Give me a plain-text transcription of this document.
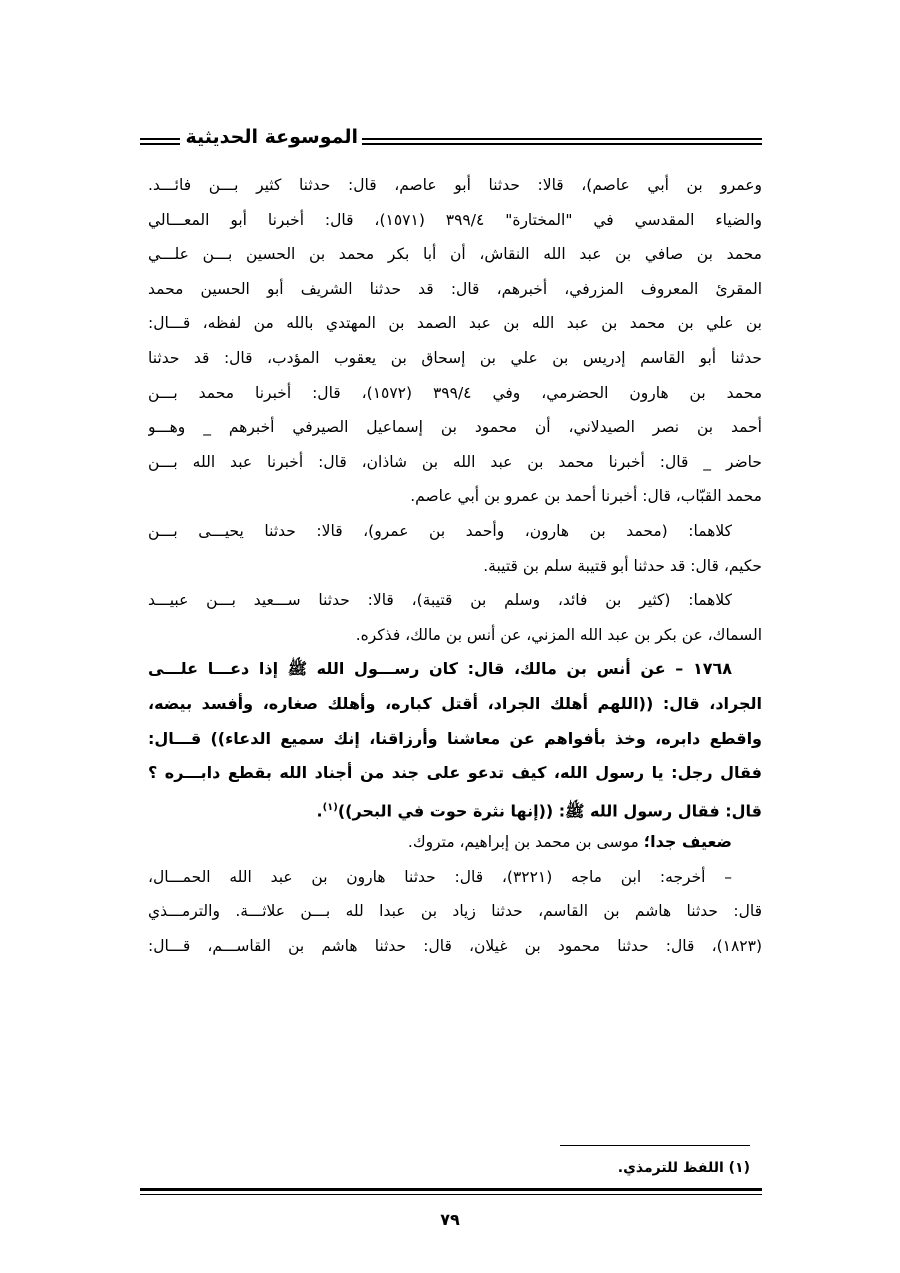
الموسوعة الحديثية
وعمرو بن أبي عاصم)، قالا: حدثنا أبو عاصم، قال: حدثنا كثير بـــن فائـــد.
والضياء المقدسي في "المختارة" ٣٩٩/٤ (١٥٧١)، قال: أخبرنا أبو المعـــالي
محمد بن صافي بن عبد الله النقاش، أن أبا بكر محمد بن الحسين بـــن علـــي
المقرئ المعروف المزرفي، أخبرهم، قال: قد حدثنا الشريف أبو الحسين محمد
بن علي بن محمد بن عبد الله بن عبد الصمد بن المهتدي بالله من لفظه، قـــال:
حدثنا أبو القاسم إدريس بن علي بن إسحاق بن يعقوب المؤدب، قال: قد حدثنا
محمد بن هارون الحضرمي، وفي ٣٩٩/٤ (١٥٧٢)، قال: أخبرنا محمد بـــن
أحمد بن نصر الصيدلاني، أن محمود بن إسماعيل الصيرفي أخبرهم _ وهـــو
حاضر _ قال: أخبرنا محمد بن عبد الله بن شاذان، قال: أخبرنا عبد الله بـــن
محمد القبّاب، قال: أخبرنا أحمد بن عمرو بن أبي عاصم.
كلاهما: (محمد بن هارون، وأحمد بن عمرو)، قالا: حدثنا يحيـــى بـــن
حكيم، قال: قد حدثنا أبو قتيبة سلم بن قتيبة.
كلاهما: (كثير بن فائد، وسلم بن قتيبة)، قالا: حدثنا ســـعيد بـــن عبيـــد
السماك، عن بكر بن عبد الله المزني، عن أنس بن مالك، فذكره.
١٧٦٨ – عن أنس بن مالك، قال: كان رســـول الله ﷺ إذا دعـــا علـــى
الجراد، قال: ((اللهم أهلك الجراد، أقتل كباره، وأهلك صغاره، وأفسد بيضه،
واقطع دابره، وخذ بأفواهم عن معاشنا وأرزاقنا، إنك سميع الدعاء)) قـــال:
فقال رجل: يا رسول الله، كيف تدعو على جند من أجناد الله بقطع دابـــره ؟
قال: فقال رسول الله ﷺ: ((إنها نثرة حوت في البحر))$^{(١)}$.
ضعيف جدا؛ موسى بن محمد بن إبراهيم، متروك.
– أخرجه: ابن ماجه (٣٢٢١)، قال: حدثنا هارون بن عبد الله الحمـــال،
قال: حدثنا هاشم بن القاسم، حدثنا زياد بن عبدا لله بـــن علاثـــة. والترمـــذي
(١٨٢٣)، قال: حدثنا محمود بن غيلان، قال: حدثنا هاشم بن القاســـم، قـــال:
(١) اللفظ للترمذي.
٧٩
